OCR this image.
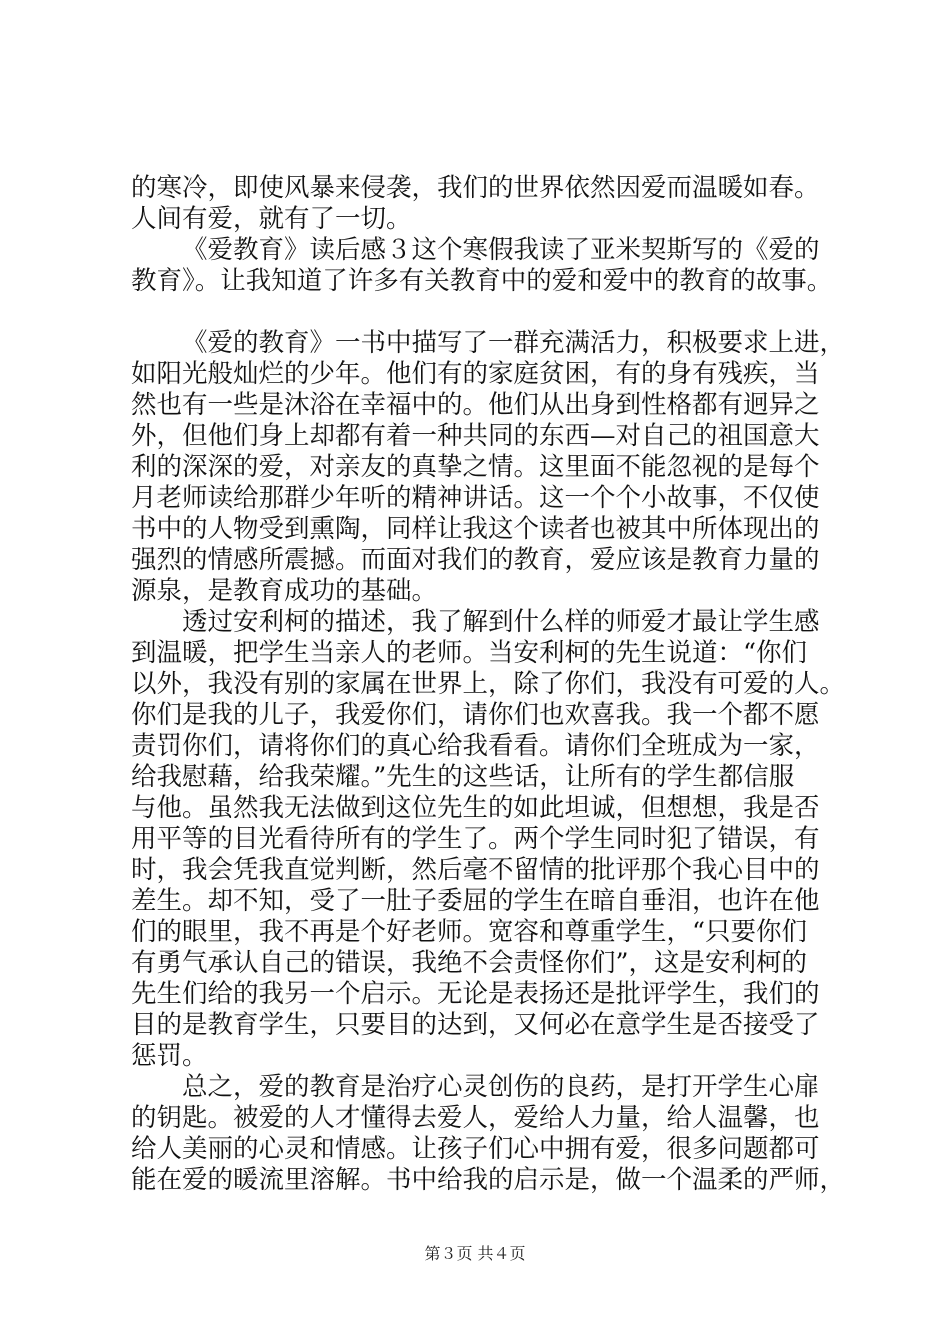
的寒冷，即使风暴来侵袭，我们的世界依然因爱而温暖如春。
人间有爱，就有了一切。
《爱教育》读后感３这个寒假我读了亚米契斯写的《爱的
教育》。让我知道了许多有关教育中的爱和爱中的教育的故事。
《爱的教育》一书中描写了一群充满活力，积极要求上进，
如阳光般灿烂的少年。他们有的家庭贫困，有的身有残疾，当
然也有一些是沐浴在幸福中的。他们从出身到性格都有迥异之
外，但他们身上却都有着一种共同的东西—对自己的祖国意大
利的深深的爱，对亲友的真挚之情。这里面不能忽视的是每个
月老师读给那群少年听的精神讲话。这一个个小故事，不仅使
书中的人物受到熏陶，同样让我这个读者也被其中所体现出的
强烈的情感所震撼。而面对我们的教育，爱应该是教育力量的
源泉，是教育成功的基础。
透过安利柯的描述，我了解到什么样的师爱才最让学生感
到温暖，把学生当亲人的老师。当安利柯的先生说道：“你们
以外，我没有别的家属在世界上，除了你们，我没有可爱的人。
你们是我的儿子，我爱你们，请你们也欢喜我。我一个都不愿
责罚你们，请将你们的真心给我看看。请你们全班成为一家，
给我慰藉，给我荣耀。”先生的这些话，让所有的学生都信服
与他。虽然我无法做到这位先生的如此坦诚，但想想，我是否
用平等的目光看待所有的学生了。两个学生同时犯了错误，有
时，我会凭我直觉判断，然后毫不留情的批评那个我心目中的
差生。却不知，受了一肚子委屈的学生在暗自垂泪，也许在他
们的眼里，我不再是个好老师。宽容和尊重学生，“只要你们
有勇气承认自己的错误，我绝不会责怪你们”，这是安利柯的
先生们给的我另一个启示。无论是表扬还是批评学生，我们的
目的是教育学生，只要目的达到，又何必在意学生是否接受了
惩罚。
总之，爱的教育是治疗心灵创伤的良药，是打开学生心扉
的钥匙。被爱的人才懂得去爱人，爱给人力量，给人温馨，也
给人美丽的心灵和情感。让孩子们心中拥有爱，很多问题都可
能在爱的暖流里溶解。书中给我的启示是，做一个温柔的严师，
第３页 共４页
